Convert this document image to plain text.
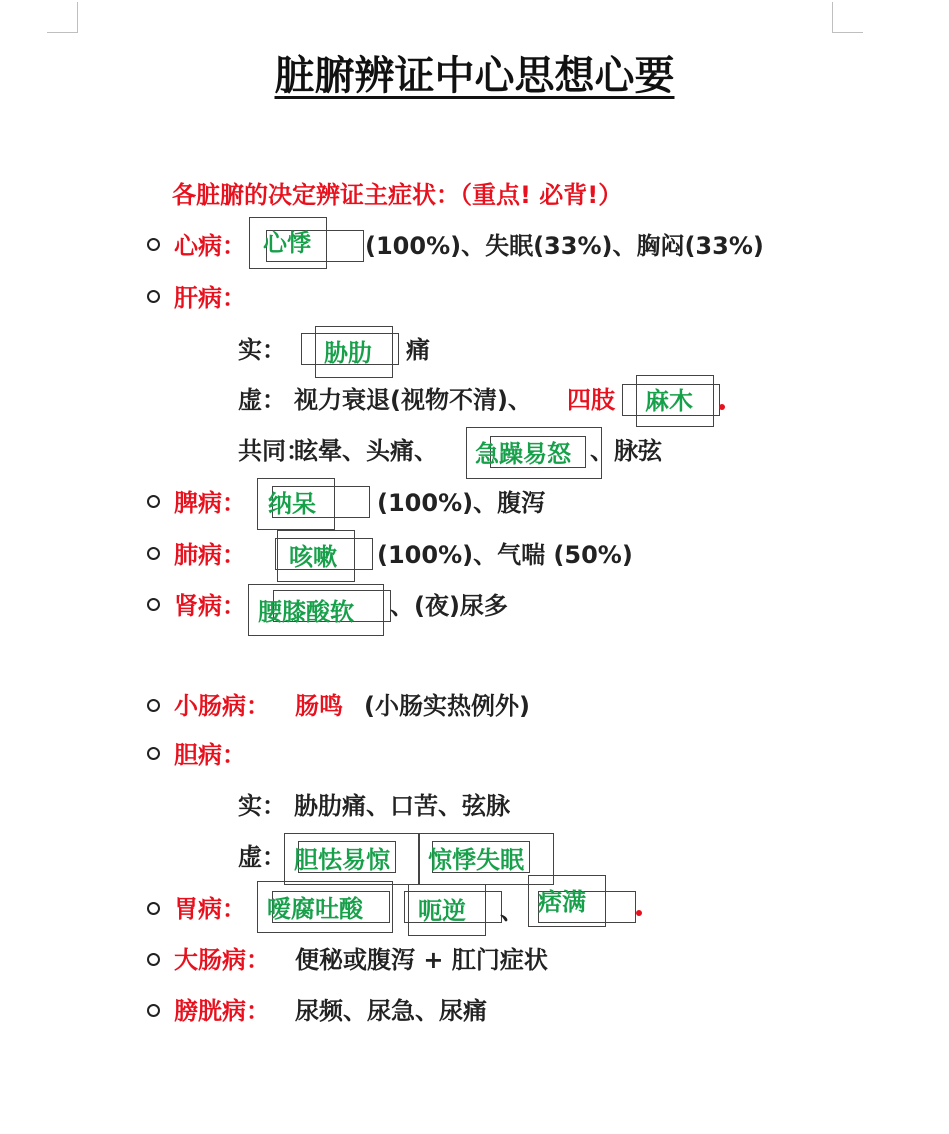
脏腑辨证中心思想心要
各脏腑的决定辨证主症状：（重点! 必背!）
心病： 心悸 (100%)、失眠(33%)、胸闷(33%)
肝病：
实： 胁肋 痛
虚： 视力衰退(视物不清)、 四肢 麻木
共同：
眩晕、头痛、 急躁易怒 、脉弦
脾病： 纳呆	(100%)、腹泻
肺病： 咳嗽 (100%)、气喘 (50%)
肾病： 腰膝酸软 、(夜)尿多
小肠病： 肠鸣 (小肠实热例外)
胆病：
实： 胁肋痛、口苦、弦脉
虚： 胆怯易惊 惊悸失眠
胃病： 嗳腐吐酸 呃逆 、 痞满
大肠病： 便秘或腹泻 + 肛门症状
膀胱病： 尿频、尿急、尿痛
